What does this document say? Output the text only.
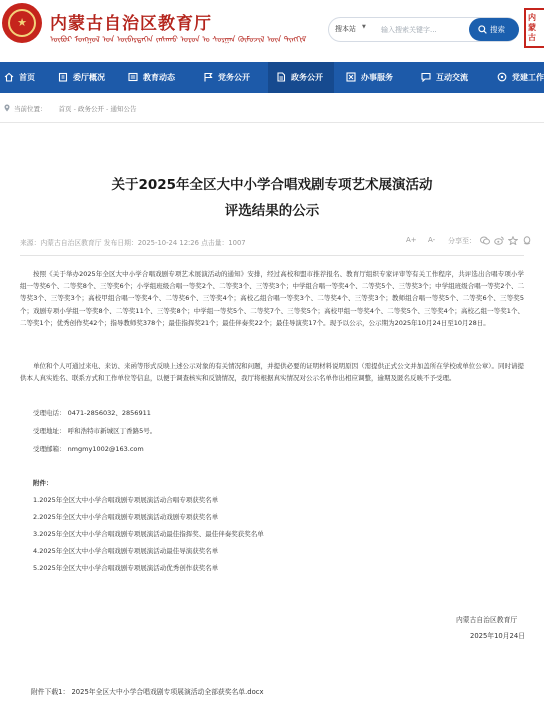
★	内蒙古自治区教育厅
ᠥᠪᠦᠷ ᠮᠣᠩᠭᠣᠯ ᠤᠨ ᠥᠪᠡᠷᠲᠡᠭᠡᠨ ᠵᠠᠰᠠᠬᠤ ᠣᠷᠣᠨ ᠤ ᠰᠤᠷᠭᠠᠨ ᠬᠦᠮᠦᠵᠢᠯ ᠦᠨ ᠲᠢᠩᠬᠢᠮ
搜本站 ▼
输入搜索关键字...	搜索
内
蒙
古
首页	委厅概况	教育动态	党务公开	政务公开	办事服务	互动交流	党建工作
当前位置： 首页 - 政务公开 - 通知公告
关于2025年全区大中小学合唱戏剧专项艺术展演活动
评选结果的公示
来源：内蒙古自治区教育厅 发布日期：2025-10-24 12:26 点击量：1007	A+ A- 分享至：

按照《关于举办2025年全区大中小学合唱戏剧专项艺术展演活动的通知》安排，经过高校和盟市推荐报名、教育厅组织专家评审等有关工作程序，共评选出合唱专项小学组一等奖6个、二等奖8个、三等奖6个；小学组班级合唱一等奖2个、二等奖3个、三等奖3个；中学组合唱一等奖4个、二等奖5个、三等奖3个；中学组班级合唱一等奖2个、二等奖3个、三等奖3个；高校甲组合唱一等奖4个、二等奖6个、三等奖4个；高校乙组合唱一等奖3个、二等奖4个、三等奖3个；教师组合唱一等奖5个、二等奖6个、三等奖5个；戏剧专项小学组一等奖8个、二等奖11个、三等奖8个；中学组一等奖5个、二等奖7个、三等奖5个；高校甲组一等奖4个、二等奖5个、三等奖4个；高校乙组一等奖1个、二等奖1个；优秀创作奖42个；指导教师奖378个；最佳指挥奖21个；最佳伴奏奖22个；最佳导演奖17个。现予以公示，公示期为2025年10月24日至10月28日。

单位和个人可通过来电、来访、来函等形式反映上述公示对象的有关情况和问题，并提供必要的证明材料说明原因（需提供正式公文并加盖所在学校或单位公章）。同时请提供本人真实姓名、联系方式和工作单位等信息，以便于调查核实和反馈情况，我厅将根据真实情况对公示名单作出相应调整，逾期及匿名反映不予受理。

受理电话： 0471-2856032、2856911
受理地址： 呼和浩特市新城区丁香路5号。
受理邮箱： nmgmy1002@163.com
附件：
1.2025年全区大中小学合唱戏剧专项展演活动合唱专项获奖名单
2.2025年全区大中小学合唱戏剧专项展演活动戏剧专项获奖名单
3.2025年全区大中小学合唱戏剧专项展演活动最佳指挥奖、最佳伴奏奖获奖名单
4.2025年全区大中小学合唱戏剧专项展演活动最佳导演获奖名单
5.2025年全区大中小学合唱戏剧专项展演活动优秀创作获奖名单
内蒙古自治区教育厅
2025年10月24日
附件下载1： 2025年全区大中小学合唱戏剧专项展演活动全部获奖名单.docx
